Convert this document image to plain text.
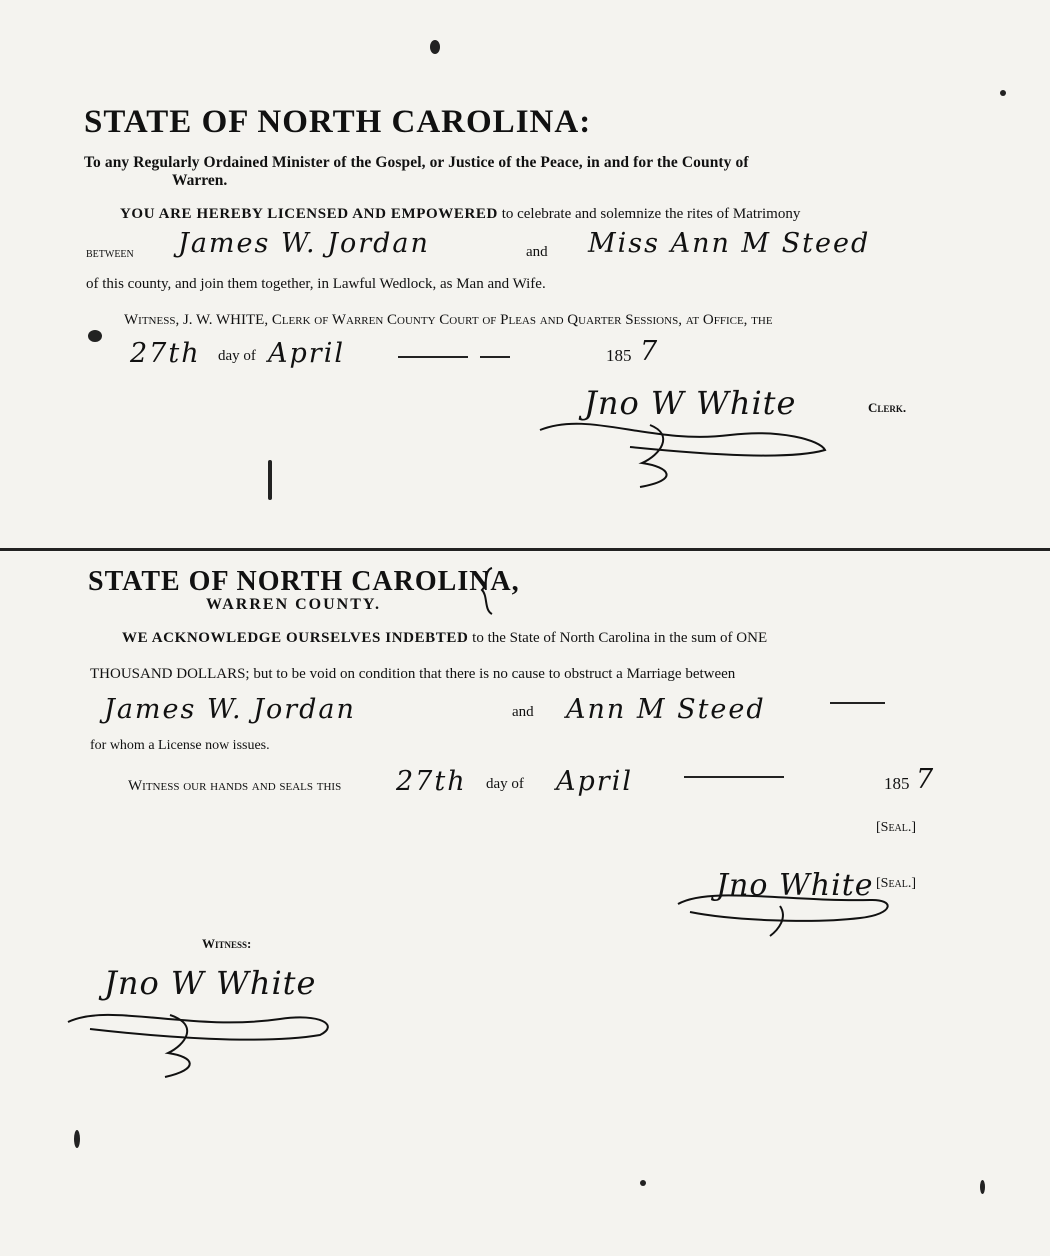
STATE OF NORTH CAROLINA:
To any Regularly Ordained Minister of the Gospel, or Justice of the Peace, in and for the County of
Warren.
YOU ARE HEREBY LICENSED AND EMPOWERED to celebrate and solemnize the rites of Matrimony
between James W. Jordan	and Miss Ann M Steed
of this county, and join them together, in Lawful Wedlock, as Man and Wife.
Witness, J. W. WHITE, Clerk of Warren County Court of Pleas and Quarter Sessions, at Office, the
27th day of April	185 7
Jno W White	Clerk.
STATE OF NORTH CAROLINA,
WARREN COUNTY.
WE ACKNOWLEDGE OURSELVES INDEBTED to the State of North Carolina in the sum of ONE
THOUSAND DOLLARS; but to be void on condition that there is no cause to obstruct a Marriage between
James W. Jordan	and Ann M Steed
for whom a License now issues.
Witness our hands and seals this 27th day of April	185 7
[Seal.]
Jno White [Seal.]
Witness:
Jno W White
